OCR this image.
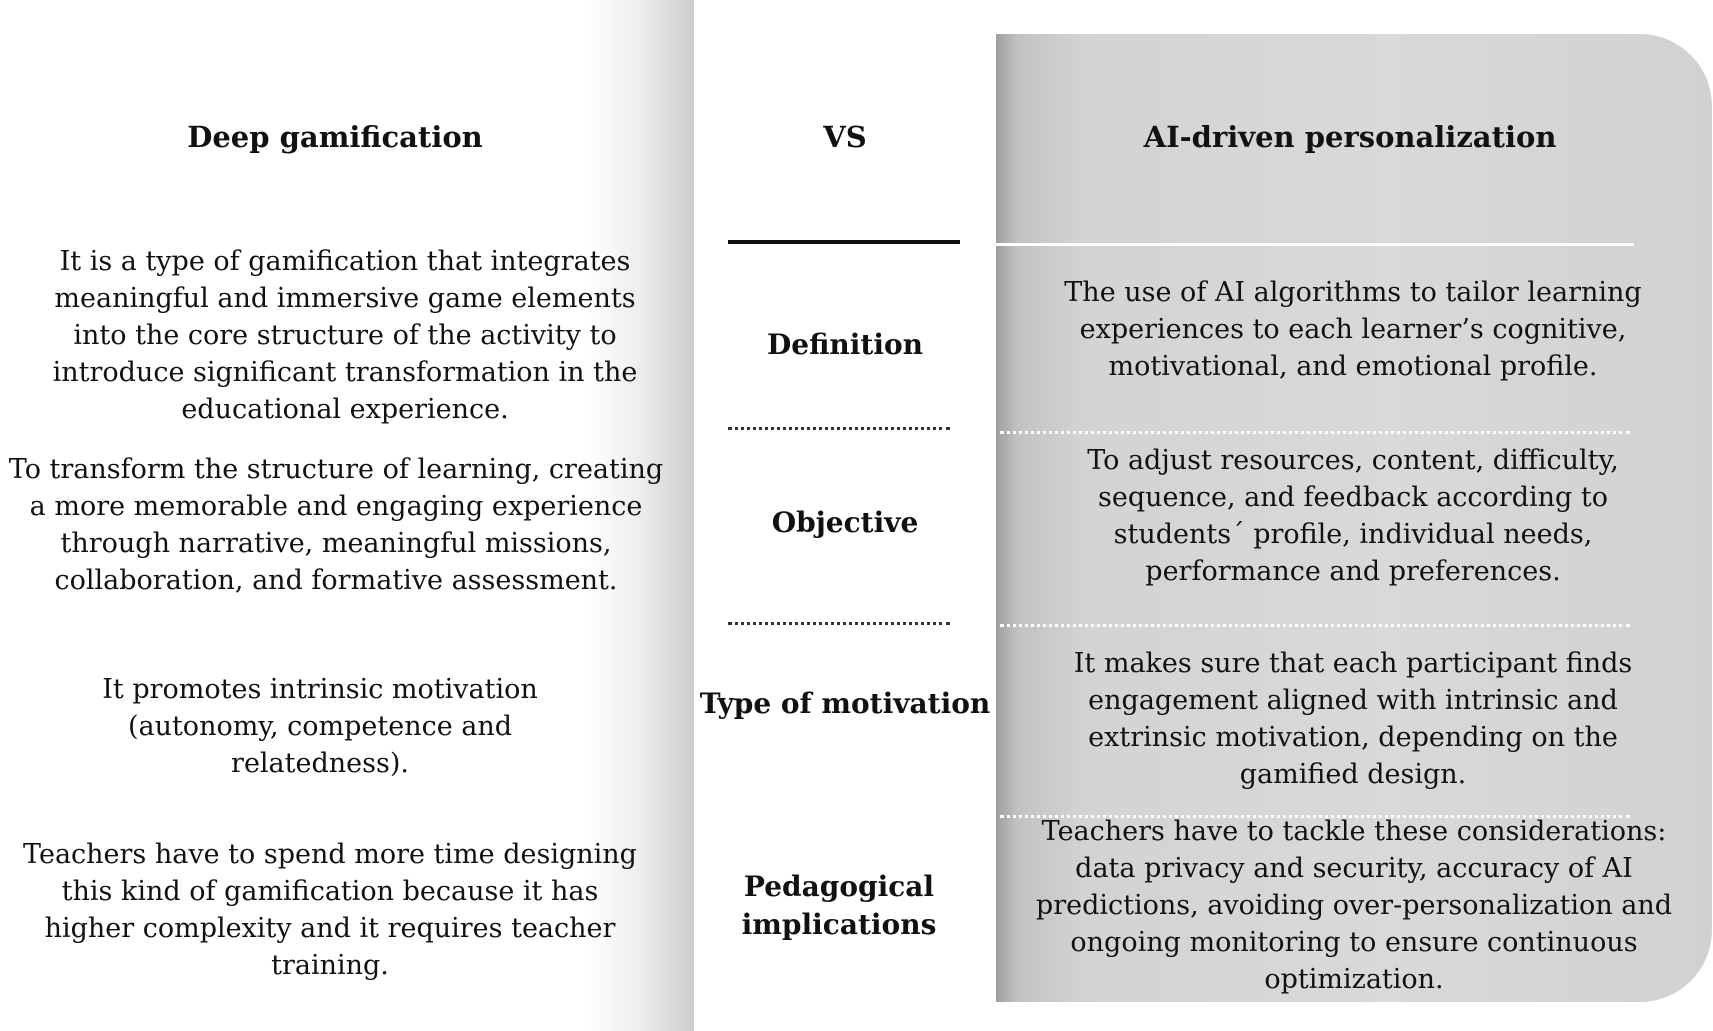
Deep gamification	VS	AI-driven personalization
It is a type of gamification that integrates meaningful and immersive game elements into the core structure of the activity to introduce significant transformation in the educational experience.
Definition
The use of AI algorithms to tailor learning experiences to each learner’s cognitive, motivational, and emotional profile.
To transform the structure of learning, creating a more memorable and engaging experience through narrative, meaningful missions, collaboration, and formative assessment.
Objective
To adjust resources, content, difficulty, sequence, and feedback according to students´ profile, individual needs, performance and preferences.
It promotes intrinsic motivation (autonomy, competence and relatedness).
Type of motivation
It makes sure that each participant finds engagement aligned with intrinsic and extrinsic motivation, depending on the gamified design.
Teachers have to spend more time designing this kind of gamification because it has higher complexity and it requires teacher training.
Pedagogical implications
Teachers have to tackle these considerations: data privacy and security, accuracy of AI predictions, avoiding over-personalization and ongoing monitoring to ensure continuous optimization.
